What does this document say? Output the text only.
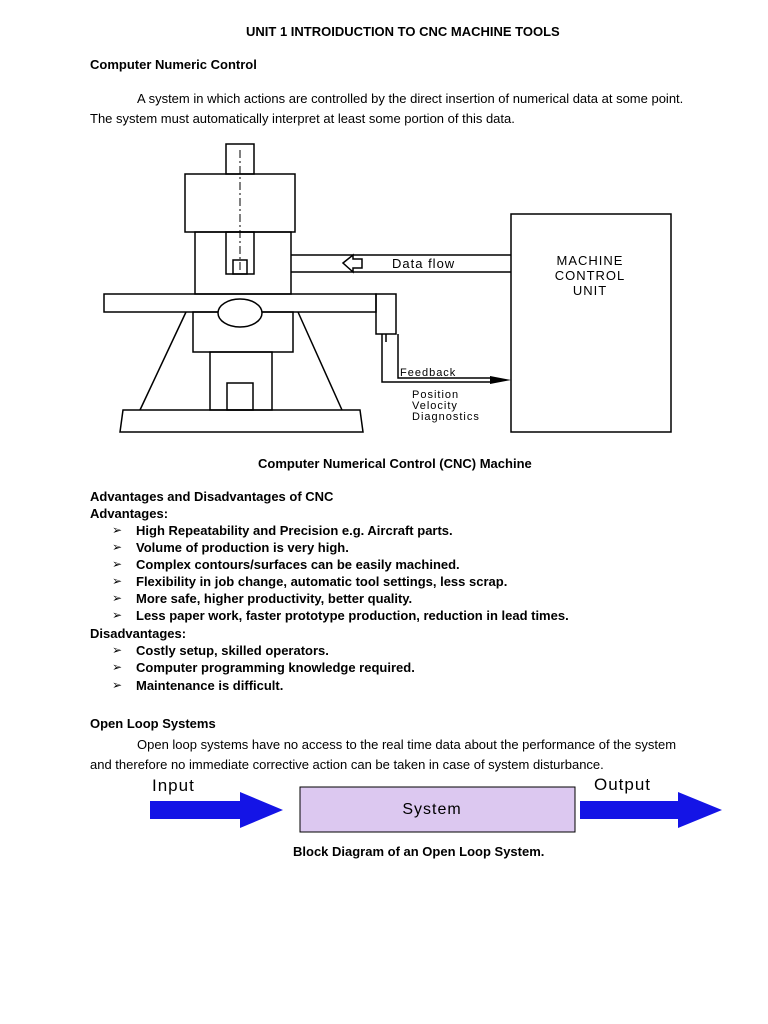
UNIT 1 INTROIDUCTION TO CNC MACHINE TOOLS

Computer Numeric Control

A system in which actions are controlled by the direct insertion of numerical data at some point.

The system must automatically interpret at least some portion of this data.

Data flow	MACHINE
CONTROL
UNIT
Feedback
Position
Velocity
Diagnostics

Computer Numerical Control (CNC) Machine

Advantages and Disadvantages of CNC

Advantages:

➢ High Repeatability and Precision e.g. Aircraft parts.
➢ Volume of production is very high.
➢ Complex contours/surfaces can be easily machined.
➢ Flexibility in job change, automatic tool settings, less scrap.
➢ More safe, higher productivity, better quality.
➢ Less paper work, faster prototype production, reduction in lead times.

Disadvantages:

➢ Costly setup, skilled operators.
➢ Computer programming knowledge required.
➢ Maintenance is difficult.

Open Loop Systems

Open loop systems have no access to the real time data about the performance of the system

and therefore no immediate corrective action can be taken in case of system disturbance.

Input
System
Output

Block Diagram of an Open Loop System.
